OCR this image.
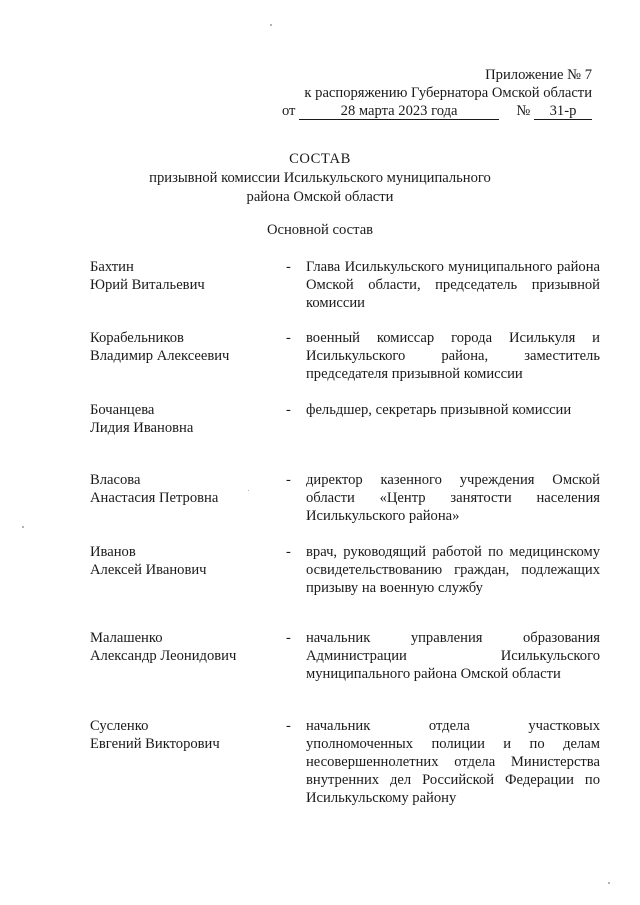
Приложение № 7
к распоряжению Губернатора Омской области
от	28 марта 2023 года	№ 31-р
СОСТАВ
призывной комиссии Исилькульского муниципального
района Омской области
Основной состав
Бахтин
Юрий Витальевич
-	Глава Исилькульского муниципального района Омской области, председатель призывной комиссии
Корабельников
Владимир Алексеевич
-	военный комиссар города Исилькуля и Исилькульского района, заместитель председателя призывной комиссии
Бочанцева
Лидия Ивановна
-	фельдшер, секретарь призывной комиссии
Власова
Анастасия Петровна
-	директор казенного учреждения Омской области «Центр занятости населения Исилькульского района»
Иванов
Алексей Иванович
-	врач, руководящий работой по медицинскому освидетельствованию граждан, подлежащих призыву на военную службу
Малашенко
Александр Леонидович
-	начальник управления образования Администрации Исилькульского муниципального района Омской области
Сусленко
Евгений Викторович
-	начальник отдела участковых уполномоченных полиции и по делам несовершеннолетних отдела Министерства внутренних дел Российской Федерации по Исилькульскому району
